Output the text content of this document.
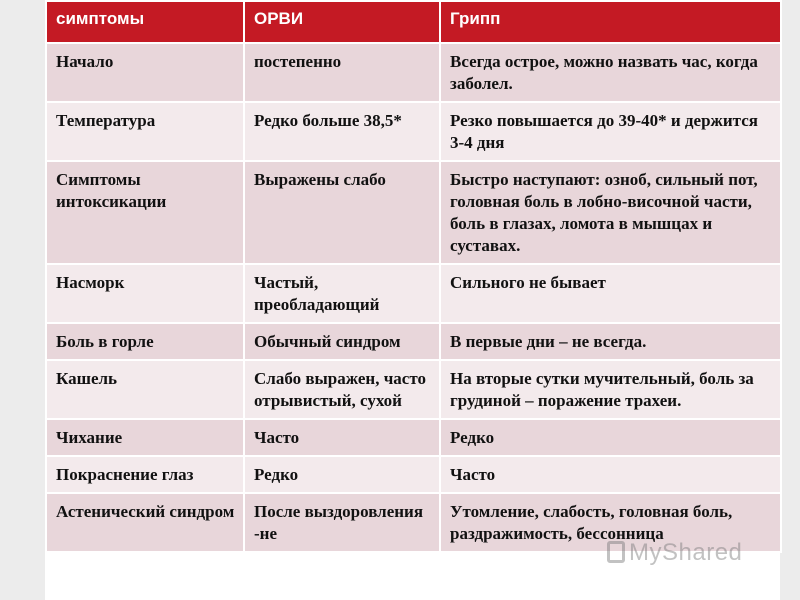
симптомы	ОРВИ	Грипп
Начало	постепенно	Всегда острое, можно назвать час, когда заболел.
Температура	Редко больше 38,5*	Резко повышается до 39-40* и держится 3-4 дня
Симптомы интоксикации	Выражены слабо	Быстро наступают: озноб, сильный пот, головная боль в лобно-височной части, боль в глазах, ломота в мышцах и суставах.
Насморк	Частый, преобладающий	Сильного не бывает
Боль в горле	Обычный синдром	В первые дни – не всегда.
Кашель	Слабо выражен, часто отрывистый, сухой	На вторые сутки мучительный, боль за грудиной – поражение трахеи.
Чихание	Часто	Редко
Покраснение глаз	Редко	Часто
Астенический синдром	После выздоровления -не	Утомление, слабость, головная боль, раздражимость, бессонница
MyShared
